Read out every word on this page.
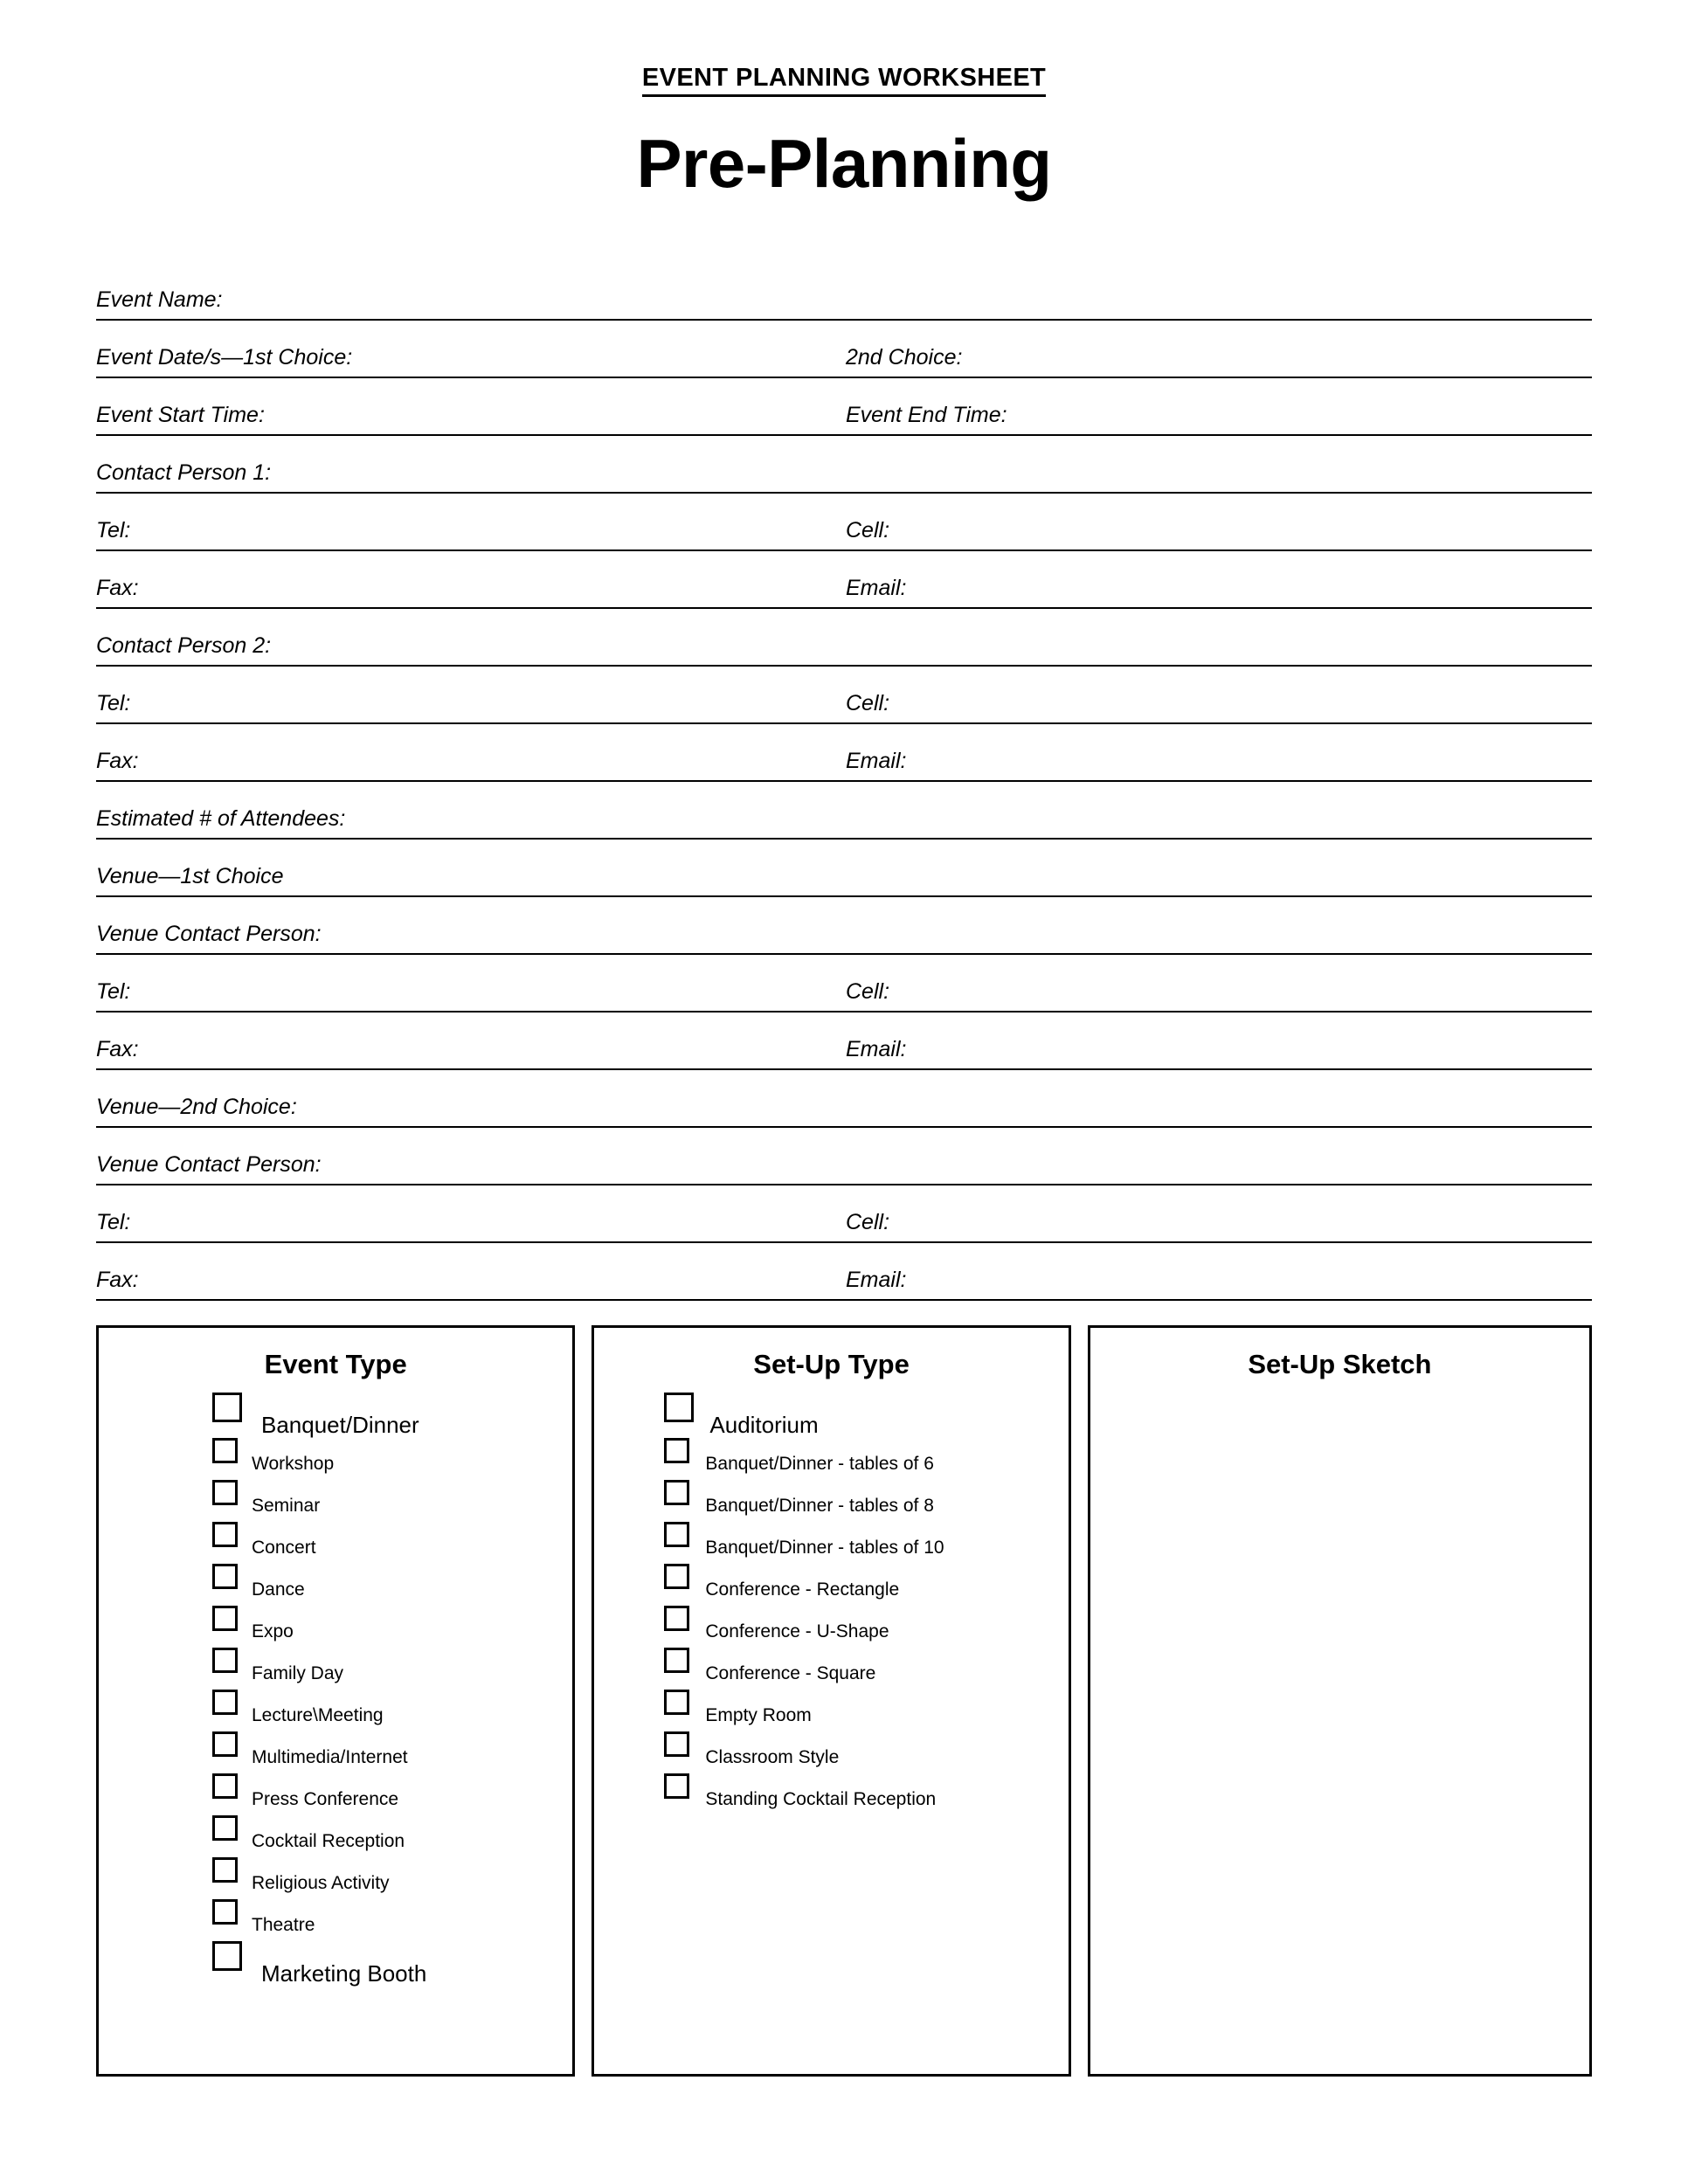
EVENT PLANNING WORKSHEET
Pre-Planning
Event Name:
Event Date/s—1st Choice:	2nd Choice:
Event Start Time:	Event End Time:
Contact Person 1:
Tel:	Cell:
Fax:	Email:
Contact Person 2:
Tel:	Cell:
Fax:	Email:
Estimated # of Attendees:
Venue—1st Choice
Venue Contact Person:
Tel:	Cell:
Fax:	Email:
Venue—2nd Choice:
Venue Contact Person:
Tel:	Cell:
Fax:	Email:
Event Type
Banquet/Dinner
Workshop
Seminar
Concert
Dance
Expo
Family Day
Lecture\Meeting
Multimedia/Internet
Press Conference
Cocktail Reception
Religious Activity
Theatre
Marketing Booth
Set-Up Type
Auditorium
Banquet/Dinner - tables of 6
Banquet/Dinner - tables of 8
Banquet/Dinner - tables of 10
Conference - Rectangle
Conference - U-Shape
Conference - Square
Empty Room
Classroom Style
Standing Cocktail Reception
Set-Up Sketch
